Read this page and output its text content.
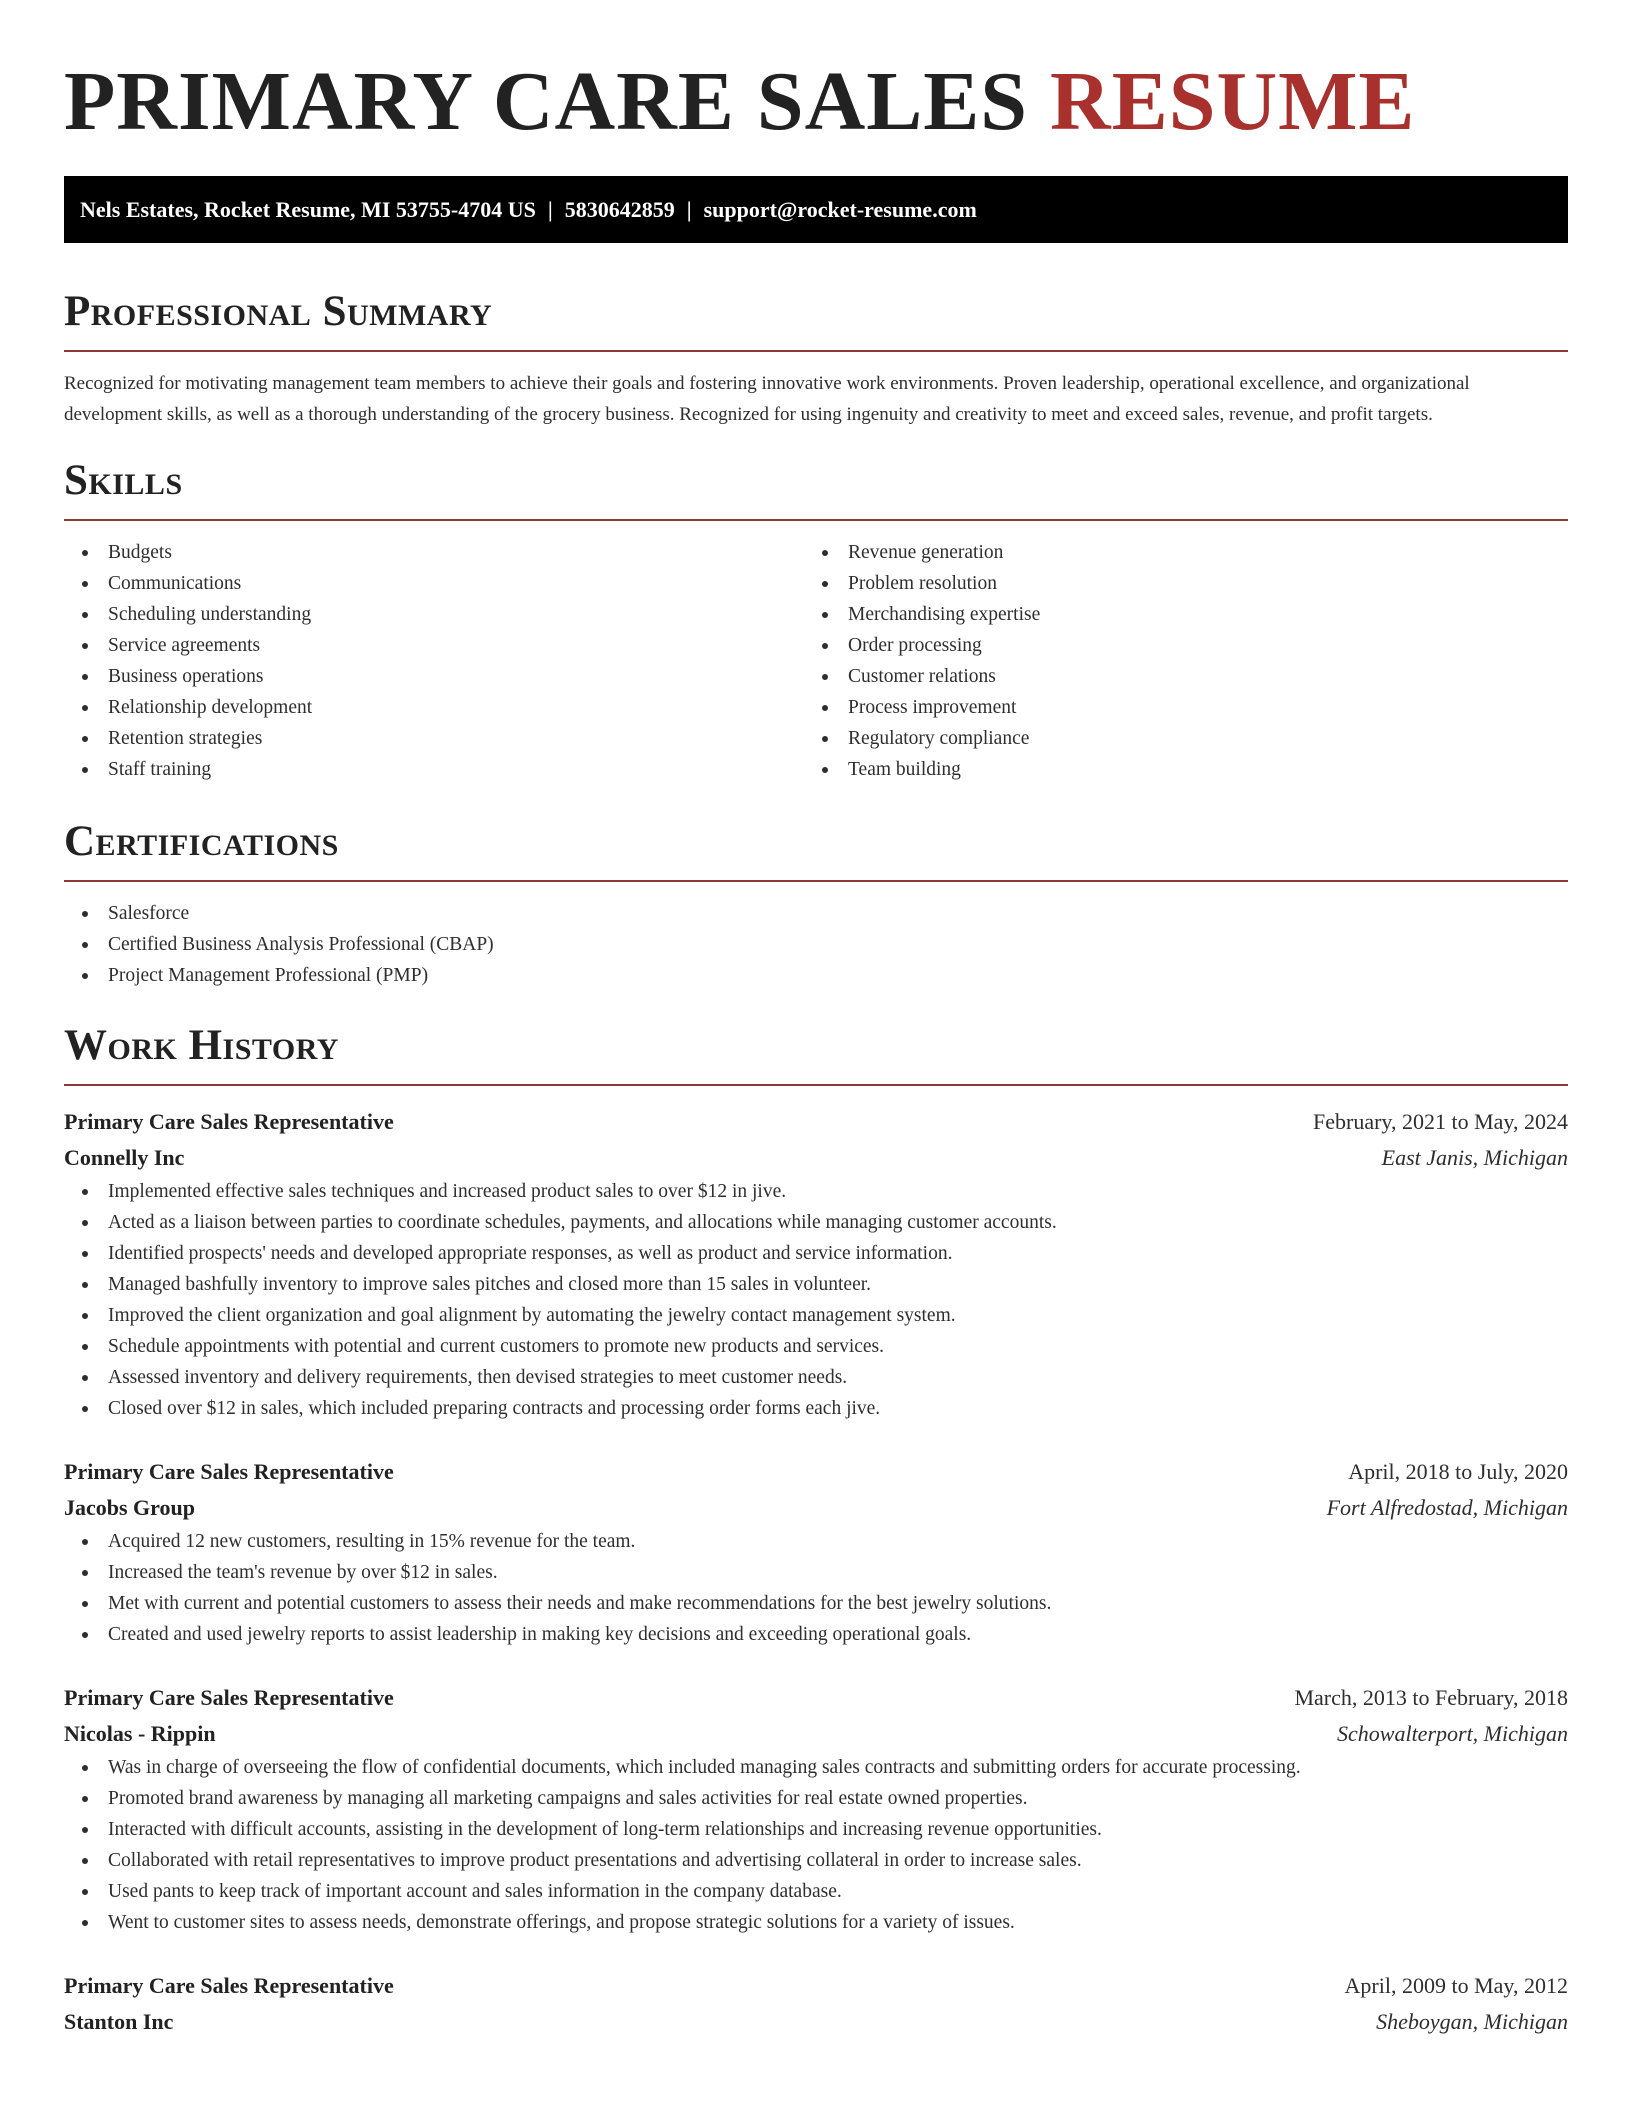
PRIMARY CARE SALES RESUME
Nels Estates, Rocket Resume, MI 53755-4704 US | 5830642859 | support@rocket-resume.com
Professional Summary

Recognized for motivating management team members to achieve their goals and fostering innovative work environments. Proven leadership, operational excellence, and organizational development skills, as well as a thorough understanding of the grocery business. Recognized for using ingenuity and creativity to meet and exceed sales, revenue, and profit targets.

Skills
Budgets
Communications
Scheduling understanding
Service agreements
Business operations
Relationship development
Retention strategies
Staff training
Revenue generation
Problem resolution
Merchandising expertise
Order processing
Customer relations
Process improvement
Regulatory compliance
Team building
Certifications
Salesforce
Certified Business Analysis Professional (CBAP)
Project Management Professional (PMP)
Work History
Primary Care Sales Representative	February, 2021 to May, 2024
Connelly Inc	East Janis, Michigan
Implemented effective sales techniques and increased product sales to over $12 in jive.
Acted as a liaison between parties to coordinate schedules, payments, and allocations while managing customer accounts.
Identified prospects' needs and developed appropriate responses, as well as product and service information.
Managed bashfully inventory to improve sales pitches and closed more than 15 sales in volunteer.
Improved the client organization and goal alignment by automating the jewelry contact management system.
Schedule appointments with potential and current customers to promote new products and services.
Assessed inventory and delivery requirements, then devised strategies to meet customer needs.
Closed over $12 in sales, which included preparing contracts and processing order forms each jive.
Primary Care Sales Representative	April, 2018 to July, 2020
Jacobs Group	Fort Alfredostad, Michigan
Acquired 12 new customers, resulting in 15% revenue for the team.
Increased the team's revenue by over $12 in sales.
Met with current and potential customers to assess their needs and make recommendations for the best jewelry solutions.
Created and used jewelry reports to assist leadership in making key decisions and exceeding operational goals.
Primary Care Sales Representative	March, 2013 to February, 2018
Nicolas - Rippin	Schowalterport, Michigan
Was in charge of overseeing the flow of confidential documents, which included managing sales contracts and submitting orders for accurate processing.
Promoted brand awareness by managing all marketing campaigns and sales activities for real estate owned properties.
Interacted with difficult accounts, assisting in the development of long-term relationships and increasing revenue opportunities.
Collaborated with retail representatives to improve product presentations and advertising collateral in order to increase sales.
Used pants to keep track of important account and sales information in the company database.
Went to customer sites to assess needs, demonstrate offerings, and propose strategic solutions for a variety of issues.
Primary Care Sales Representative	April, 2009 to May, 2012
Stanton Inc	Sheboygan, Michigan
